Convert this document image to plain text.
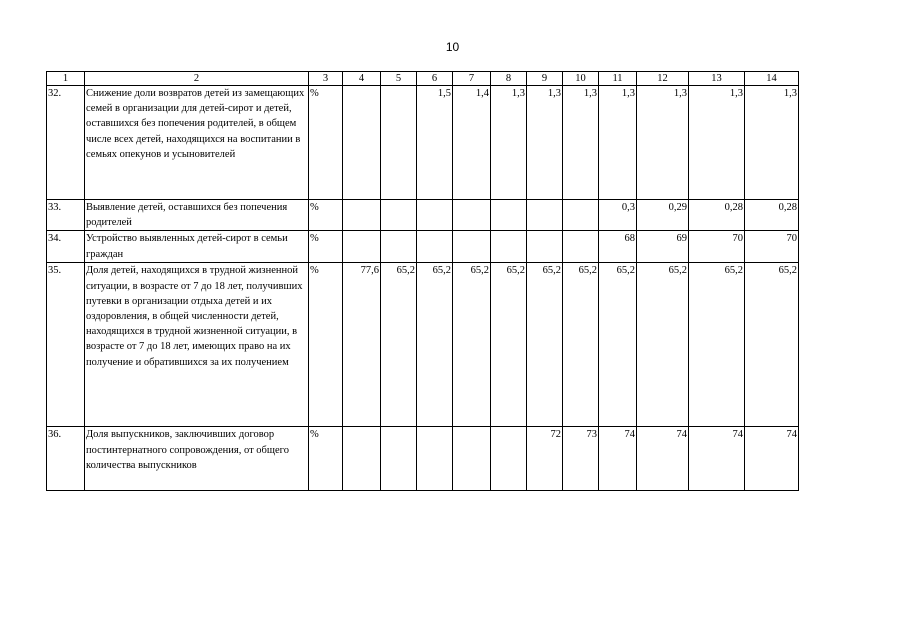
10
1	2	3	4	5	6	7	8	9	10	11	12	13	14
32.	Снижение доли возвратов детей из замещающих семей в организации для детей-сирот и детей, оставшихся без попечения родителей, в общем числе всех детей, находящихся на воспитании в семьях опекунов и усыновителей	%			1,5	1,4	1,3	1,3	1,3	1,3	1,3	1,3	1,3
33.	Выявление детей, оставшихся без попечения родителей	%								0,3	0,29	0,28	0,28
34.	Устройство выявленных детей-сирот в семьи граждан	%								68	69	70	70
35.	Доля детей, находящихся в трудной жизненной ситуации, в возрасте от 7 до 18 лет, получивших путевки в организации отдыха детей и их оздоровления, в общей численности детей, находящихся в трудной жизненной ситуации, в возрасте от 7 до 18 лет, имеющих право на их получение и обратившихся за их получением	%	77,6	65,2	65,2	65,2	65,2	65,2	65,2	65,2	65,2	65,2	65,2
36.	Доля выпускников, заключивших договор постинтернатного сопровождения, от общего количества выпускников	%						72	73	74	74	74	74
